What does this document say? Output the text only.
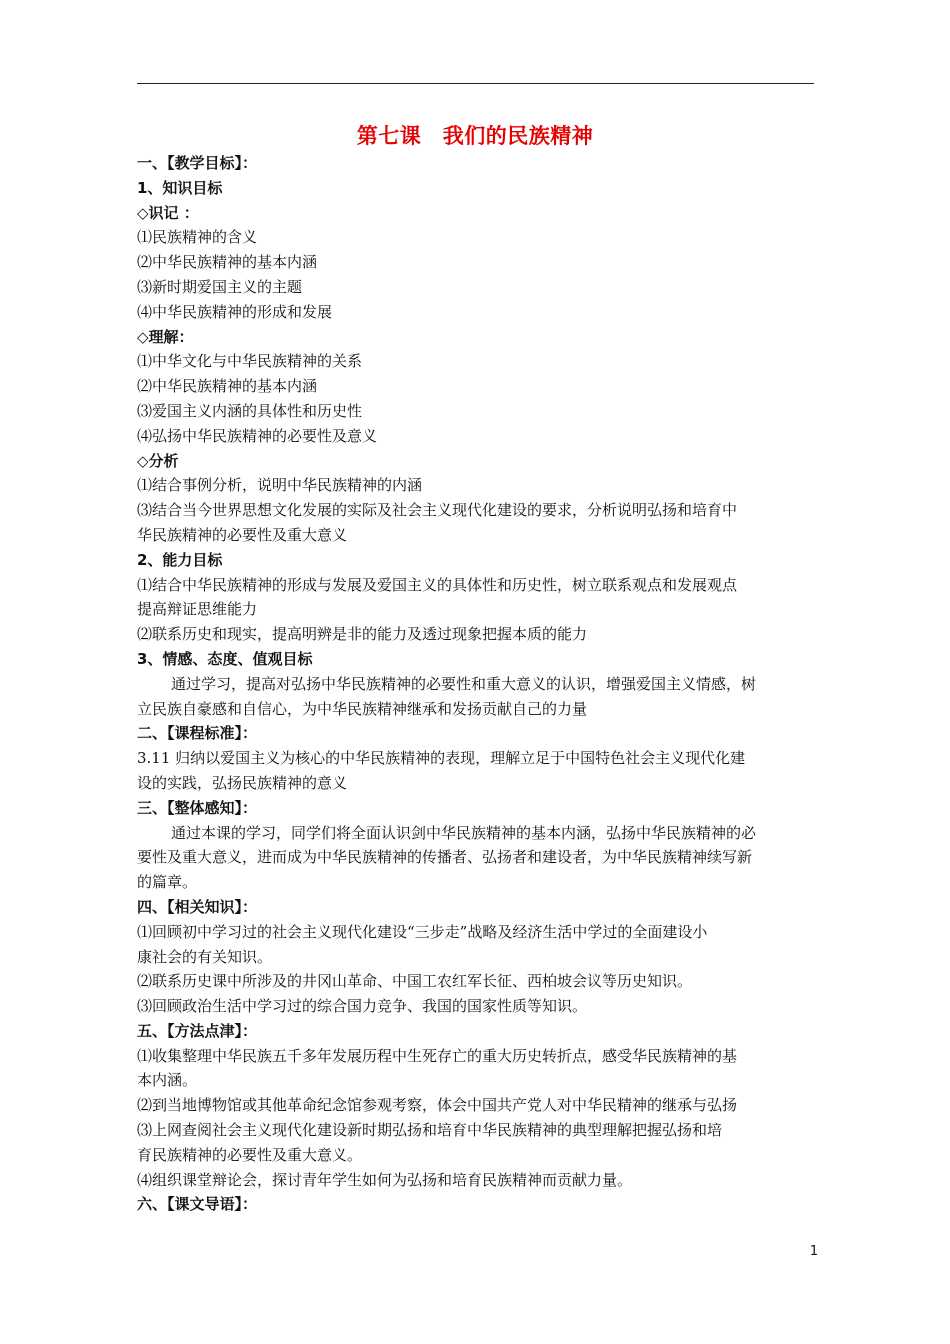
第七课　我们的民族精神
一、【教学目标】：
1、知识目标
◇识记 ：
⑴民族精神的含义
⑵中华民族精神的基本内涵
⑶新时期爱国主义的主题
⑷中华民族精神的形成和发展
◇理解：
⑴中华文化与中华民族精神的关系
⑵中华民族精神的基本内涵
⑶爱国主义内涵的具体性和历史性
⑷弘扬中华民族精神的必要性及意义
◇分析
⑴结合事例分析，说明中华民族精神的内涵
⑶结合当今世界思想文化发展的实际及社会主义现代化建设的要求，分析说明弘扬和培育中
华民族精神的必要性及重大意义
2、能力目标
⑴结合中华民族精神的形成与发展及爱国主义的具体性和历史性，树立联系观点和发展观点
提高辩证思维能力
⑵联系历史和现实，提高明辨是非的能力及透过现象把握本质的能力
3、情感、态度、值观目标
通过学习，提高对弘扬中华民族精神的必要性和重大意义的认识，增强爱国主义情感，树
立民族自豪感和自信心，为中华民族精神继承和发扬贡献自己的力量
二、【课程标准】：
3.11 归纳以爱国主义为核心的中华民族精神的表现，理解立足于中国特色社会主义现代化建
设的实践，弘扬民族精神的意义
三、【整体感知】：
通过本课的学习，同学们将全面认识剑中华民族精神的基本内涵，弘扬中华民族精神的必
要性及重大意义，进而成为中华民族精神的传播者、弘扬者和建设者，为中华民族精神续写新
的篇章。
四、【相关知识】：
⑴回顾初中学习过的社会主义现代化建设“三步走”战略及经济生活中学过的全面建设小
康社会的有关知识。
⑵联系历史课中所涉及的井冈山革命、中国工农红军长征、西柏坡会议等历史知识。
⑶回顾政治生活中学习过的综合国力竞争、我国的国家性质等知识。
五、【方法点津】：
⑴收集整理中华民族五千多年发展历程中生死存亡的重大历史转折点，感受华民族精神的基
本内涵。
⑵到当地博物馆或其他革命纪念馆参观考察，体会中国共产党人对中华民精神的继承与弘扬
⑶上网查阅社会主义现代化建设新时期弘扬和培育中华民族精神的典型理解把握弘扬和培
育民族精神的必要性及重大意义。
⑷组织课堂辩论会，探讨青年学生如何为弘扬和培育民族精神而贡献力量。
六、【课文导语】：
1
